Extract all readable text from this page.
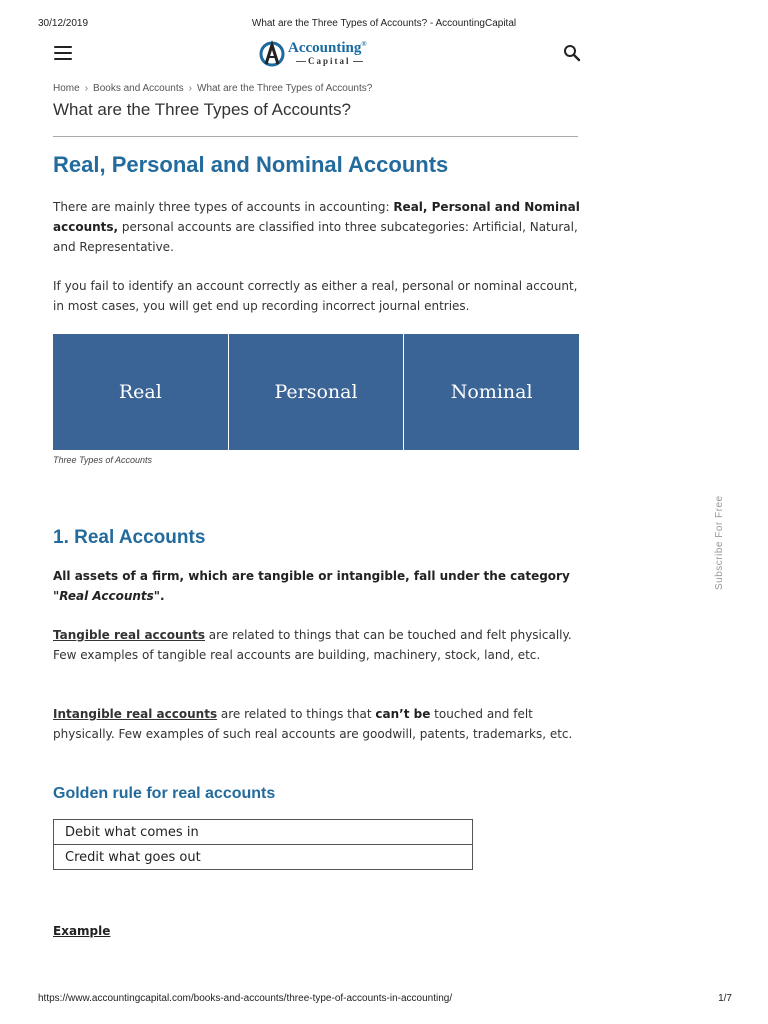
30/12/2019	What are the Three Types of Accounts? - AccountingCapital
Accounting®
Capital
Home › Books and Accounts › What are the Three Types of Accounts?
What are the Three Types of Accounts?
Real, Personal and Nominal Accounts

There are mainly three types of accounts in accounting: Real, Personal and Nominal accounts, personal accounts are classified into three subcategories: Artificial, Natural, and Representative.

If you fail to identify an account correctly as either a real, personal or nominal account, in most cases, you will get end up recording incorrect journal entries.

Real	Personal	Nominal
Three Types of Accounts
1. Real Accounts

All assets of a firm, which are tangible or intangible, fall under the category "Real Accounts".

Tangible real accounts are related to things that can be touched and felt physically. Few examples of tangible real accounts are building, machinery, stock, land, etc.

Intangible real accounts are related to things that can’t be touched and felt physically. Few examples of such real accounts are goodwill, patents, trademarks, etc.

Golden rule for real accounts
Debit what comes in
Credit what goes out
Example
Subscribe For Free
https://www.accountingcapital.com/books-and-accounts/three-type-of-accounts-in-accounting/	1/7
